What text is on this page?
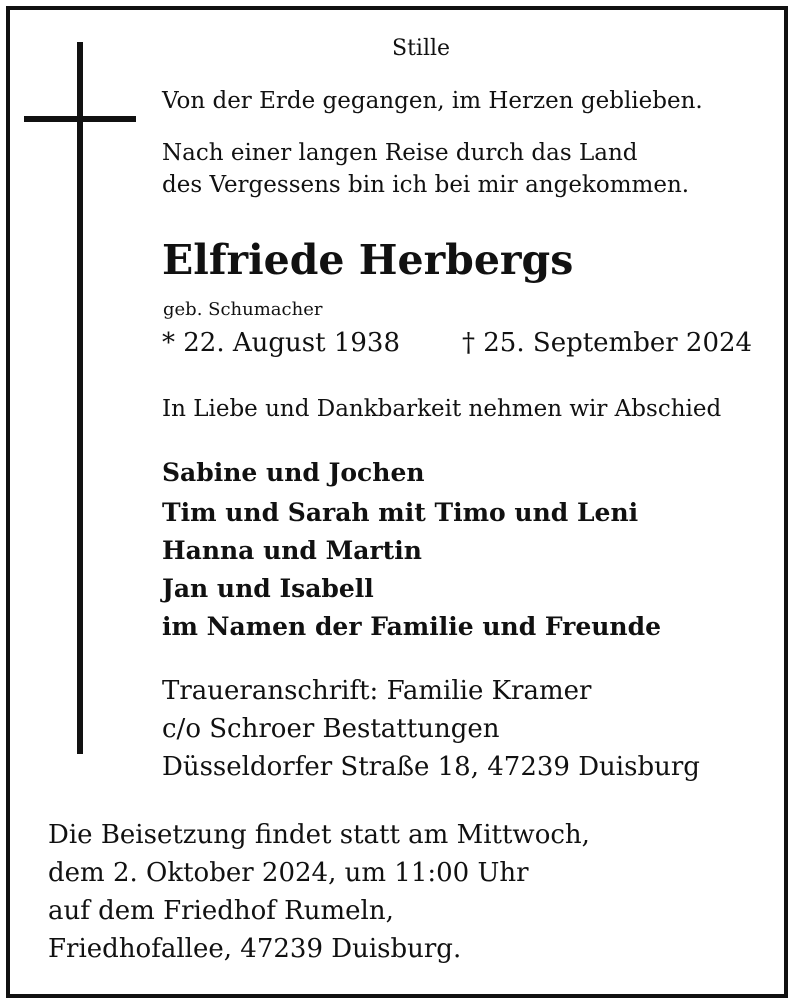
Stille

Von der Erde gegangen, im Herzen geblieben.

Nach einer langen Reise durch das Land

des Vergessens bin ich bei mir angekommen.

Elfriede Herbergs

geb. Schumacher

* 22. August 1938 † 25. September 2024

In Liebe und Dankbarkeit nehmen wir Abschied

Sabine und Jochen

Tim und Sarah mit Timo und Leni

Hanna und Martin

Jan und Isabell

im Namen der Familie und Freunde

Traueranschrift: Familie Kramer

c/o Schroer Bestattungen

Düsseldorfer Straße 18, 47239 Duisburg

Die Beisetzung findet statt am Mittwoch,

dem 2. Oktober 2024, um 11:00 Uhr

auf dem Friedhof Rumeln,

Friedhofallee, 47239 Duisburg.
